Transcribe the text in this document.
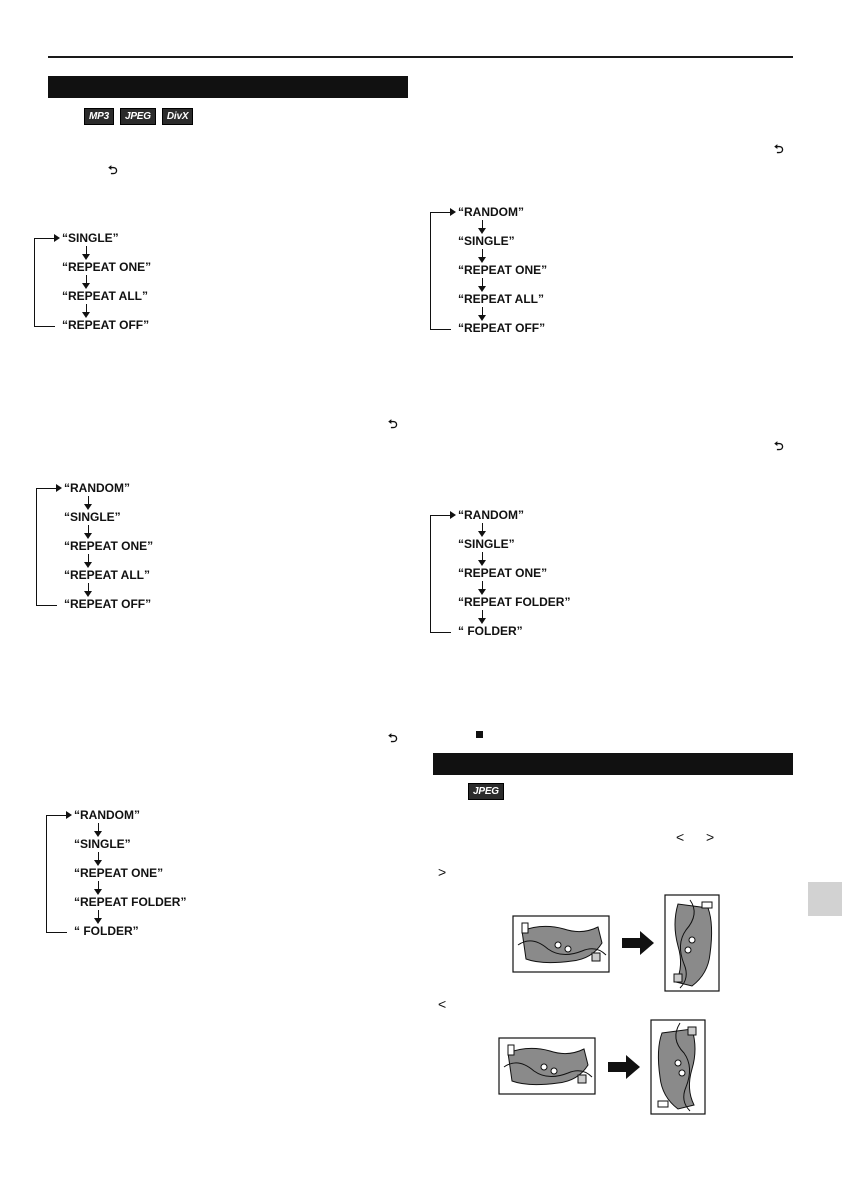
MP3	JPEG	DivX
⮌
⮌
⮌
⮌
⮌
“SINGLE”
“REPEAT ONE”
“REPEAT ALL”
“REPEAT OFF”
“RANDOM”
“SINGLE”
“REPEAT ONE”
“REPEAT ALL”
“REPEAT OFF”
“RANDOM”
“SINGLE”
“REPEAT ONE”
“REPEAT FOLDER”
“ FOLDER”
“RANDOM”
“SINGLE”
“REPEAT ONE”
“REPEAT ALL”
“REPEAT OFF”
“RANDOM”
“SINGLE”
“REPEAT ONE”
“REPEAT FOLDER”
“ FOLDER”
JPEG
< >
>
<
